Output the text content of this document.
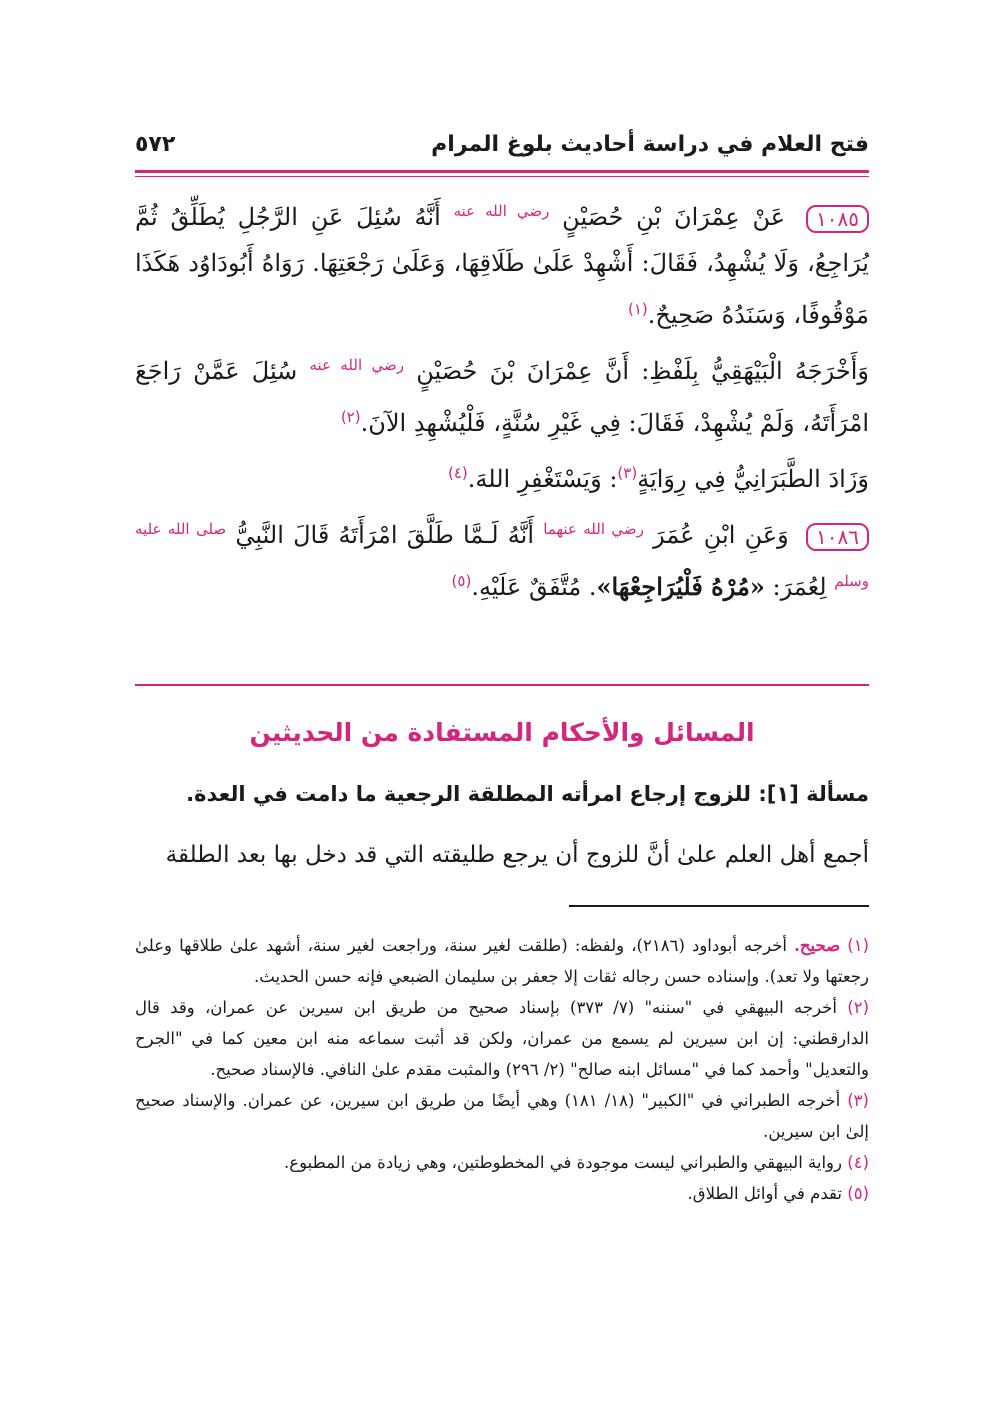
فتح العلام في دراسة أحاديث بلوغ المرام
٥٧٢

١٠٨٥ عَنْ عِمْرَانَ بْنِ حُصَيْنٍ $^{رضي الله عنه}$ أَنَّهُ سُئِلَ عَنِ الرَّجُلِ يُطَلِّقُ ثُمَّ يُرَاجِعُ، وَلَا يُشْهِدُ، فَقَالَ: أَشْهِدْ عَلَىٰ طَلَاقِهَا، وَعَلَىٰ رَجْعَتِهَا. رَوَاهُ أَبُودَاوُد هَكَذَا مَوْقُوفًا، وَسَنَدُهُ صَحِيحٌ.$^{(١)}$

وَأَخْرَجَهُ الْبَيْهَقِيُّ بِلَفْظِ: أَنَّ عِمْرَانَ بْنَ حُصَيْنٍ $^{رضي الله عنه}$ سُئِلَ عَمَّنْ رَاجَعَ امْرَأَتَهُ، وَلَمْ يُشْهِدْ، فَقَالَ: فِي غَيْرِ سُنَّةٍ، فَلْيُشْهِدِ الآنَ.$^{(٢)}$

وَزَادَ الطَّبَرَانِيُّ فِي رِوَايَةٍ$^{(٣)}$: وَيَسْتَغْفِرِ اللهَ.$^{(٤)}$

١٠٨٦ وَعَنِ ابْنِ عُمَرَ $^{رضي الله عنهما}$ أَنَّهُ لَـمَّا طَلَّقَ امْرَأَتَهُ قَالَ النَّبِيُّ $^{صلى الله عليه وسلم}$ لِعُمَرَ: «مُرْهُ فَلْيُرَاجِعْهَا». مُتَّفَقٌ عَلَيْهِ.$^{(٥)}$

المسائل والأحكام المستفادة من الحديثين
مسألة [١]: للزوج إرجاع امرأته المطلقة الرجعية ما دامت في العدة.
أجمع أهل العلم علىٰ أنَّ للزوج أن يرجع طليقته التي قد دخل بها بعد الطلقة

(١) صحيح. أخرجه أبوداود (٢١٨٦)، ولفظه: (طلقت لغير سنة، وراجعت لغير سنة، أشهد علىٰ طلاقها وعلىٰ رجعتها ولا تعد). وإسناده حسن رجاله ثقات إلا جعفر بن سليمان الضبعي فإنه حسن الحديث.

(٢) أخرجه البيهقي في "سننه" (٧/ ٣٧٣) بإسناد صحيح من طريق ابن سيرين عن عمران، وقد قال الدارقطني: إن ابن سيرين لم يسمع من عمران، ولكن قد أثبت سماعه منه ابن معين كما في "الجرح والتعديل" وأحمد كما في "مسائل ابنه صالح" (٢/ ٢٩٦) والمثبت مقدم علىٰ النافي. فالإسناد صحيح.

(٣) أخرجه الطبراني في "الكبير" (١٨/ ١٨١) وهي أيضًا من طريق ابن سيرين، عن عمران. والإسناد صحيح إلىٰ ابن سيرين.

(٤) رواية البيهقي والطبراني ليست موجودة في المخطوطتين، وهي زيادة من المطبوع.

(٥) تقدم في أوائل الطلاق.
